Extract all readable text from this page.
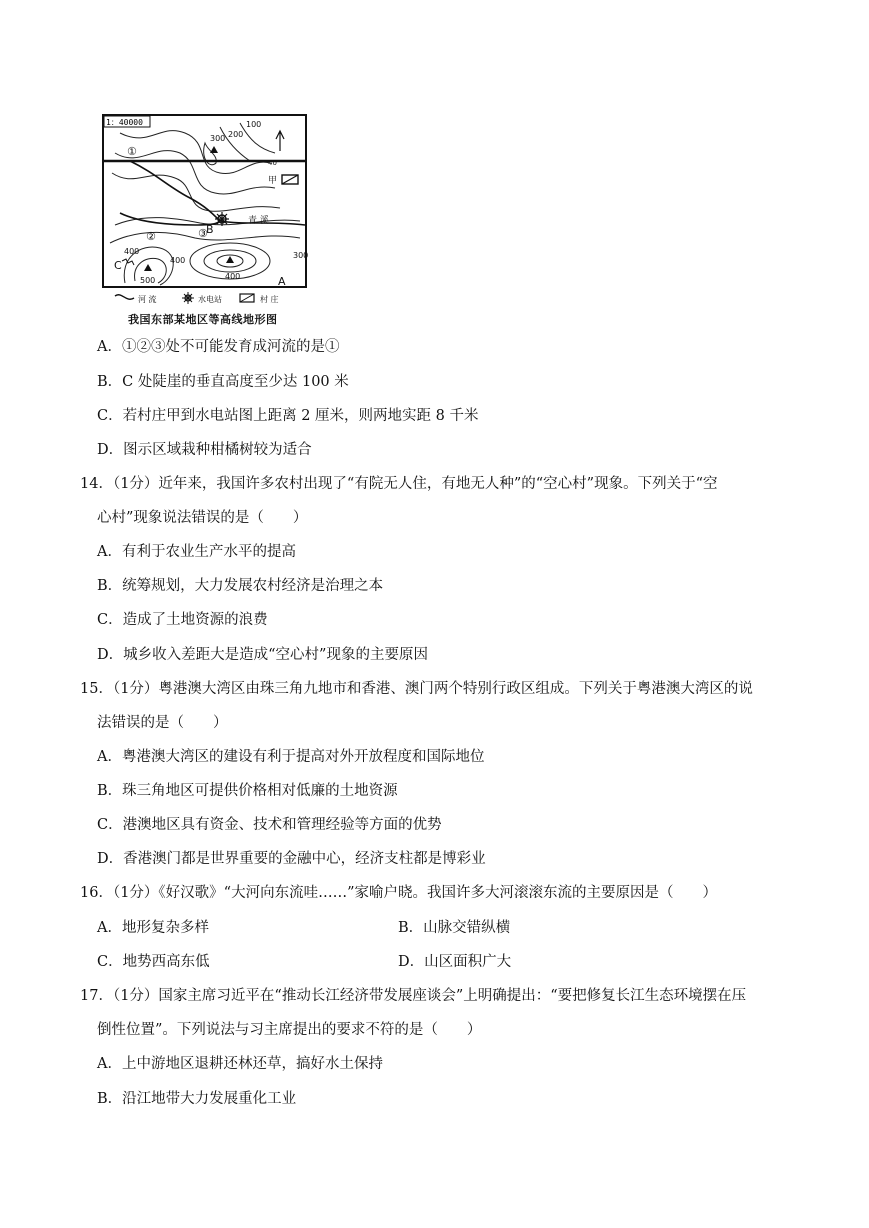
1：40000
①
②	③
A
B
C
300 200
100
400
400
400
500
300
40
青 溪
甲
河 流	水电站	村 庄
我国东部某地区等高线地形图
A．①②③处不可能发育成河流的是①
B．C 处陡崖的垂直高度至少达 100 米
C．若村庄甲到水电站图上距离 2 厘米，则两地实距 8 千米
D．图示区域栽种柑橘树较为适合
14．（1分）近年来，我国许多农村出现了“有院无人住，有地无人种”的“空心村”现象。下列关于“空
心村”现象说法错误的是（　　）
A．有利于农业生产水平的提高
B．统筹规划，大力发展农村经济是治理之本
C．造成了土地资源的浪费
D．城乡收入差距大是造成“空心村”现象的主要原因
15．（1分）粤港澳大湾区由珠三角九地市和香港、澳门两个特别行政区组成。下列关于粤港澳大湾区的说
法错误的是（　　）
A．粤港澳大湾区的建设有利于提高对外开放程度和国际地位
B．珠三角地区可提供价格相对低廉的土地资源
C．港澳地区具有资金、技术和管理经验等方面的优势
D．香港澳门都是世界重要的金融中心，经济支柱都是博彩业
16．（1分）《好汉歌》“大河向东流哇……”家喻户晓。我国许多大河滚滚东流的主要原因是（　　）
A．地形复杂多样	B．山脉交错纵横
C．地势西高东低	D．山区面积广大
17．（1分）国家主席习近平在“推动长江经济带发展座谈会”上明确提出：“要把修复长江生态环境摆在压
倒性位置”。下列说法与习主席提出的要求不符的是（　　）
A．上中游地区退耕还林还草，搞好水土保持
B．沿江地带大力发展重化工业
